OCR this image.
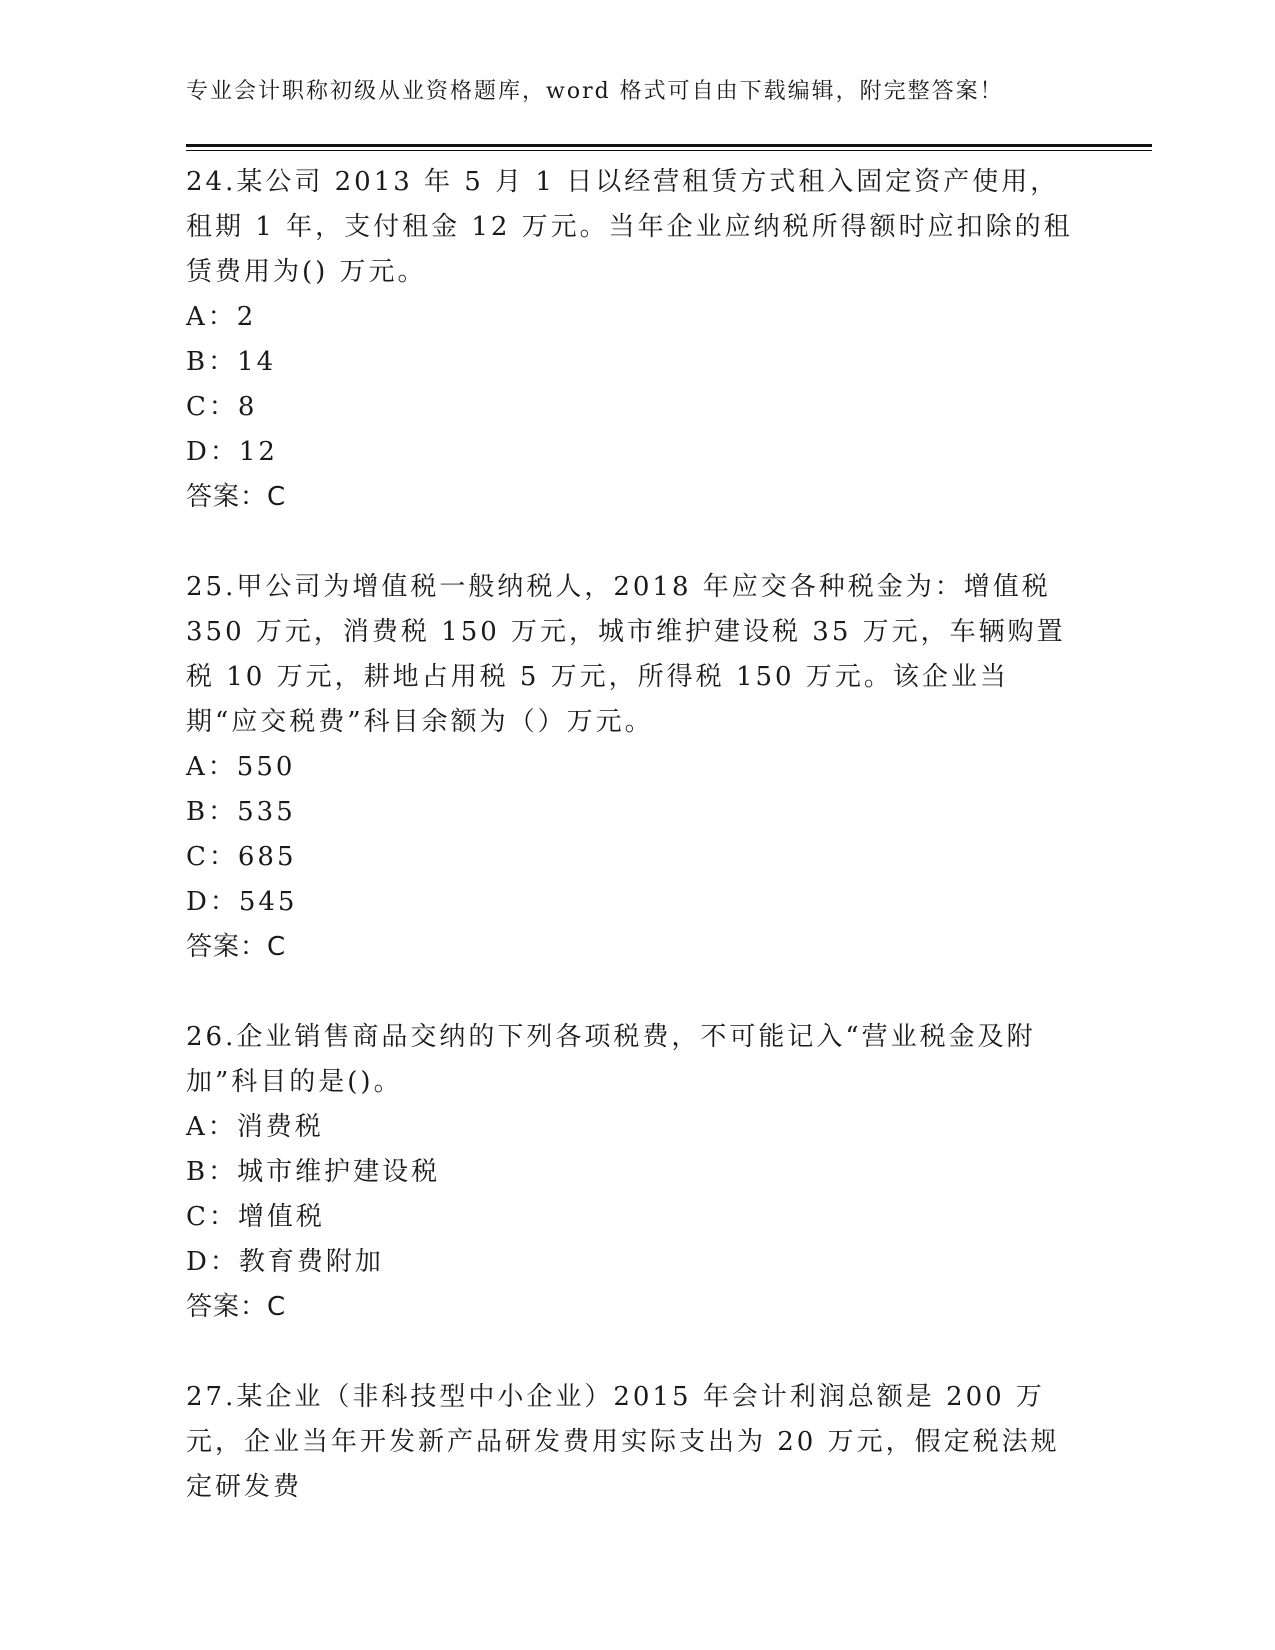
专业会计职称初级从业资格题库，word 格式可自由下载编辑，附完整答案！

24.某公司 2013 年 5 月 1 日以经营租赁方式租入固定资产使用，租期 1 年，支付租金 12 万元。当年企业应纳税所得额时应扣除的租赁费用为() 万元。

A：2

B：14

C：8

D：12

答案：C

25.甲公司为增值税一般纳税人，2018 年应交各种税金为：增值税 350 万元，消费税 150 万元，城市维护建设税 35 万元，车辆购置税 10 万元，耕地占用税 5 万元，所得税 150 万元。该企业当期“应交税费”科目余额为（）万元。

A：550

B：535

C：685

D：545

答案：C

26.企业销售商品交纳的下列各项税费，不可能记入“营业税金及附加”科目的是()。

A：消费税

B：城市维护建设税

C：增值税

D：教育费附加

答案：C

27.某企业（非科技型中小企业）2015 年会计利润总额是 200 万元，企业当年开发新产品研发费用实际支出为 20 万元，假定税法规定研发费
